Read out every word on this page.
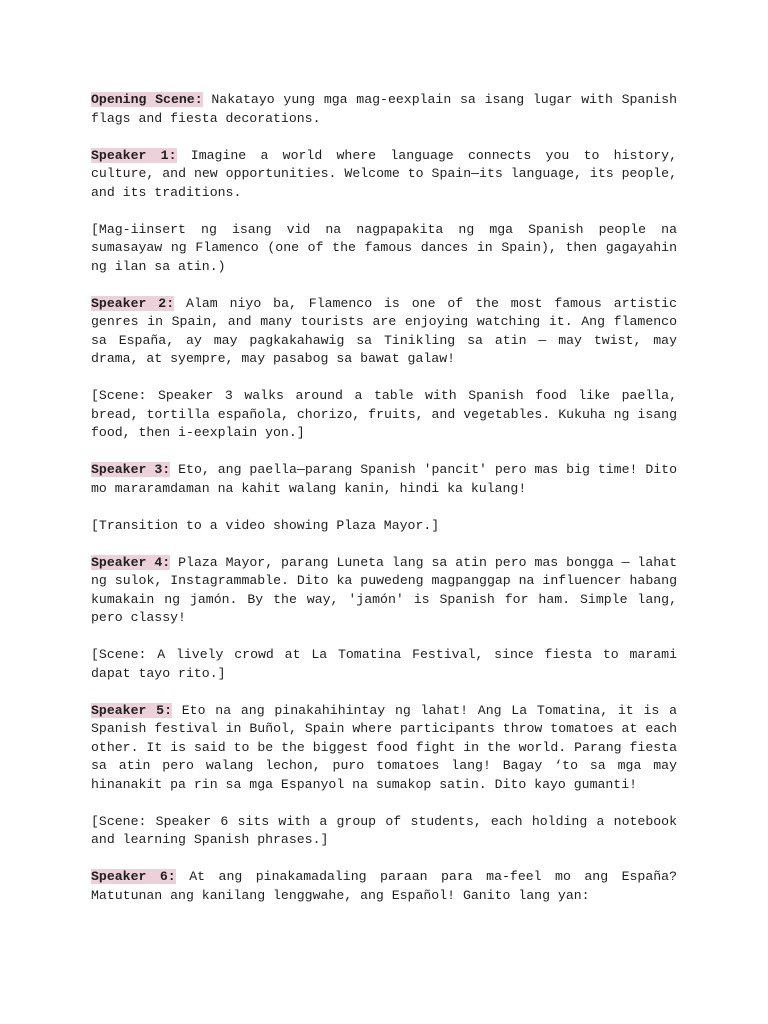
Opening Scene: Nakatayo yung mga mag-eexplain sa isang lugar with Spanish flags and fiesta decorations.

Speaker 1: Imagine a world where language connects you to history, culture, and new opportunities. Welcome to Spain—its language, its people, and its traditions.

[Mag-iinsert ng isang vid na nagpapakita ng mga Spanish people na sumasayaw ng Flamenco (one of the famous dances in Spain), then gagayahin ng ilan sa atin.)

Speaker 2: Alam niyo ba, Flamenco is one of the most famous artistic genres in Spain, and many tourists are enjoying watching it. Ang flamenco sa España, ay may pagkakahawig sa Tinikling sa atin — may twist, may drama, at syempre, may pasabog sa bawat galaw!

[Scene: Speaker 3 walks around a table with Spanish food like paella, bread, tortilla española, chorizo, fruits, and vegetables. Kukuha ng isang food, then i-eexplain yon.]

Speaker 3: Eto, ang paella—parang Spanish 'pancit' pero mas big time! Dito mo mararamdaman na kahit walang kanin, hindi ka kulang!

[Transition to a video showing Plaza Mayor.]

Speaker 4: Plaza Mayor, parang Luneta lang sa atin pero mas bongga — lahat ng sulok, Instagrammable. Dito ka puwedeng magpanggap na influencer habang kumakain ng jamón. By the way, 'jamón' is Spanish for ham. Simple lang, pero classy!

[Scene: A lively crowd at La Tomatina Festival, since fiesta to marami dapat tayo rito.]

Speaker 5: Eto na ang pinakahihintay ng lahat! Ang La Tomatina, it is a Spanish festival in Buñol, Spain where participants throw tomatoes at each other. It is said to be the biggest food fight in the world. Parang fiesta sa atin pero walang lechon, puro tomatoes lang! Bagay ‘to sa mga may hinanakit pa rin sa mga Espanyol na sumakop satin. Dito kayo gumanti!

[Scene: Speaker 6 sits with a group of students, each holding a notebook and learning Spanish phrases.]

Speaker 6: At ang pinakamadaling paraan para ma-feel mo ang España? Matutunan ang kanilang lenggwahe, ang Español! Ganito lang yan:
